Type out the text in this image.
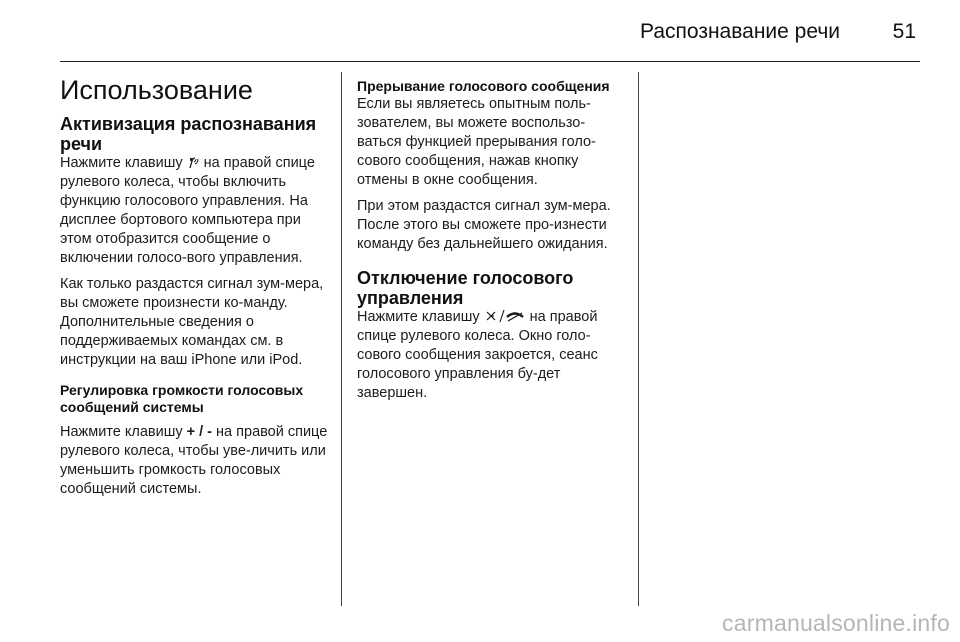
Распознавание речи	51
Использование
Активизация распознавания речи

Нажмите клавишу на правой спице рулевого колеса, чтобы включить функцию голосового управления. На дисплее бортового компьютера при этом отобразится сообщение о включении голосо-вого управления.

Как только раздастся сигнал зум-мера, вы сможете произнести ко-манду. Дополнительные сведения о поддерживаемых командах см. в инструкции на ваш iPhone или iPod.

Регулировка громкости голосовых сообщений системы

Нажмите клавишу + / - на правой спице рулевого колеса, чтобы уве-личить или уменьшить громкость голосовых сообщений системы.

Прерывание голосового сообщения

Если вы являетесь опытным поль-зователем, вы можете воспользо-ваться функцией прерывания голо-сового сообщения, нажав кнопку отмены в окне сообщения.

При этом раздастся сигнал зум-мера. После этого вы сможете про-изнести команду без дальнейшего ожидания.

Отключение голосового управления

Нажмите клавишу	на правой спице рулевого колеса. Окно голо-сового сообщения закроется, сеанс голосового управления бу-дет завершен.

carmanualsonline.info
